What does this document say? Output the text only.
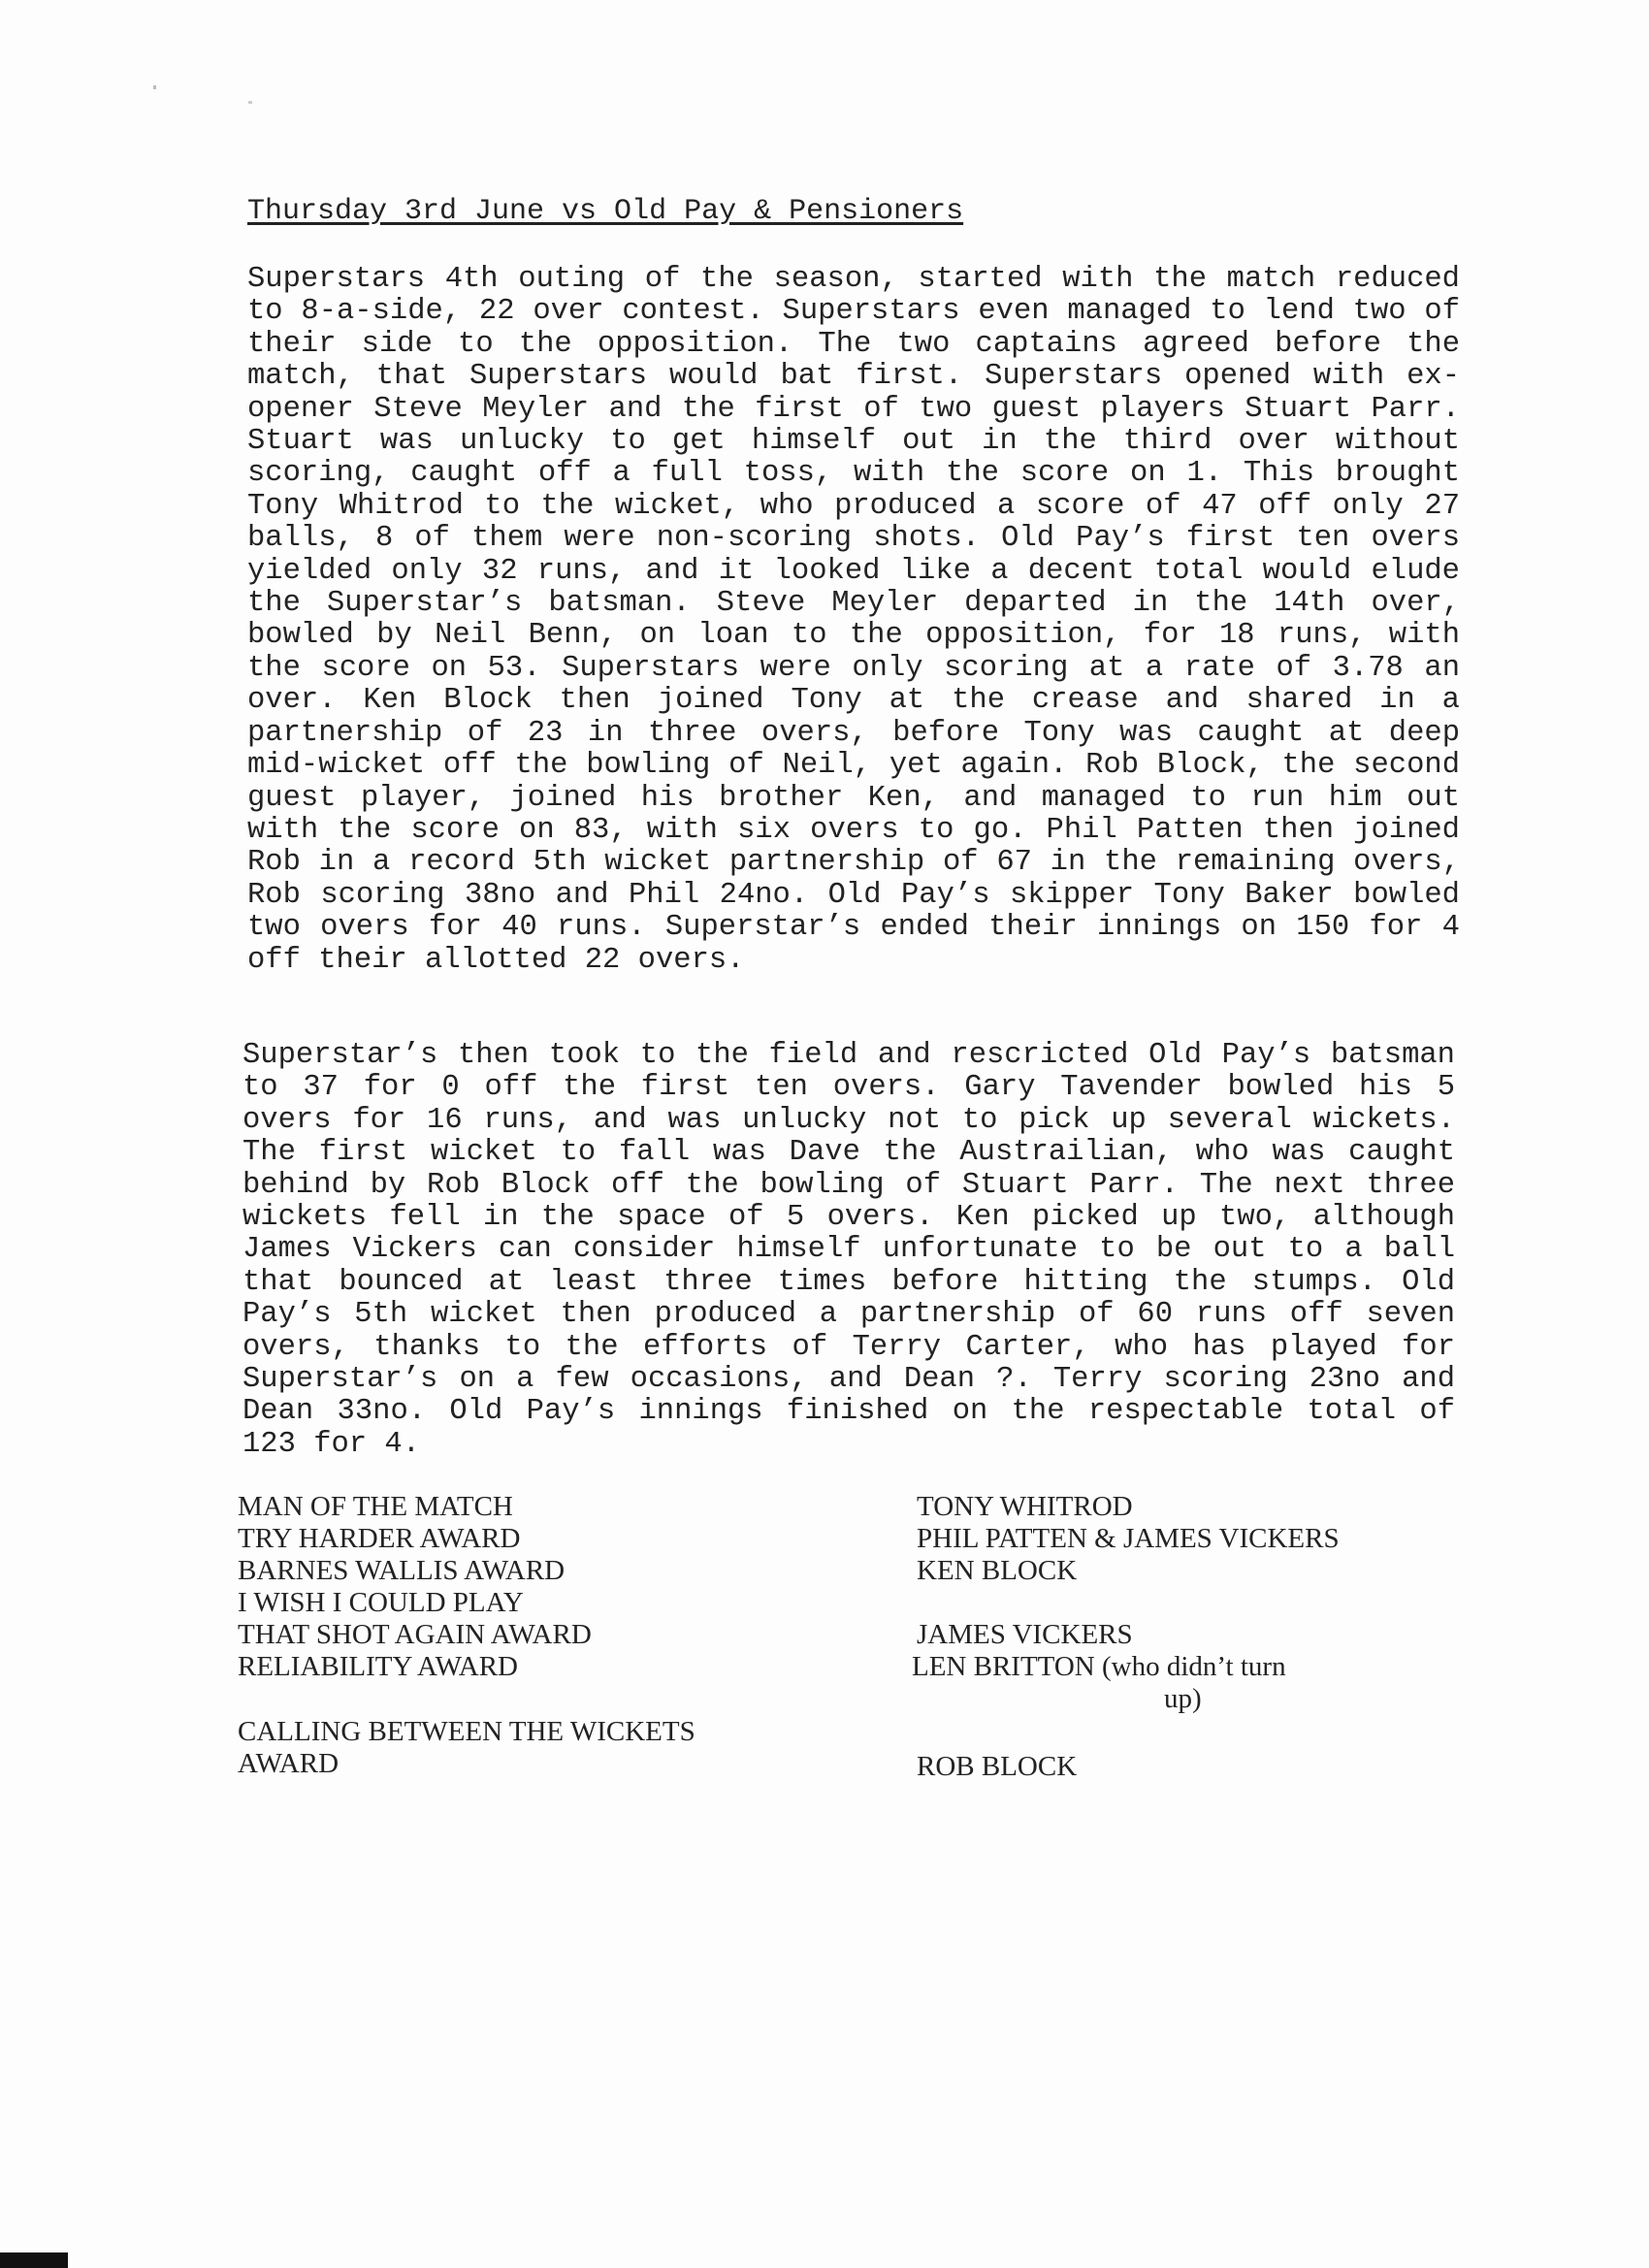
Thursday 3rd June vs Old Pay & Pensioners

Superstars 4th outing of the season, started with the match reduced to 8-a-side, 22 over contest. Superstars even managed to lend two of their side to the opposition. The two captains agreed before the match, that Superstars would bat first. Superstars opened with ex-opener Steve Meyler and the first of two guest players Stuart Parr. Stuart was unlucky to get himself out in the third over without scoring, caught off a full toss, with the score on 1. This brought Tony Whitrod to the wicket, who produced a score of 47 off only 27 balls, 8 of them were non-scoring shots. Old Pay’s first ten overs yielded only 32 runs, and it looked like a decent total would elude the Superstar’s batsman. Steve Meyler departed in the 14th over, bowled by Neil Benn, on loan to the opposition, for 18 runs, with the score on 53. Superstars were only scoring at a rate of 3.78 an over. Ken Block then joined Tony at the crease and shared in a partnership of 23 in three overs, before Tony was caught at deep mid-wicket off the bowling of Neil, yet again. Rob Block, the second guest player, joined his brother Ken, and managed to run him out with the score on 83, with six overs to go. Phil Patten then joined Rob in a record 5th wicket partnership of 67 in the remaining overs, Rob scoring 38no and Phil 24no. Old Pay’s skipper Tony Baker bowled two overs for 40 runs. Superstar’s ended their innings on 150 for 4 off their allotted 22 overs.

Superstar’s then took to the field and rescricted Old Pay’s batsman to 37 for 0 off the first ten overs. Gary Tavender bowled his 5 overs for 16 runs, and was unlucky not to pick up several wickets. The first wicket to fall was Dave the Austrailian, who was caught behind by Rob Block off the bowling of Stuart Parr. The next three wickets fell in the space of 5 overs. Ken picked up two, although James Vickers can consider himself unfortunate to be out to a ball that bounced at least three times before hitting the stumps. Old Pay’s 5th wicket then produced a partnership of 60 runs off seven overs, thanks to the efforts of Terry Carter, who has played for Superstar’s on a few occasions, and Dean ?. Terry scoring 23no and Dean 33no. Old Pay’s innings finished on the respectable total of 123 for 4.

MAN OF THE MATCH
TRY HARDER AWARD
BARNES WALLIS AWARD
I WISH I COULD PLAY
THAT SHOT AGAIN AWARD
RELIABILITY AWARD
CALLING BETWEEN THE WICKETS
AWARD
TONY WHITROD
PHIL PATTEN & JAMES VICKERS
KEN BLOCK
JAMES VICKERS
LEN BRITTON (who didn’t turn
up)
ROB BLOCK
